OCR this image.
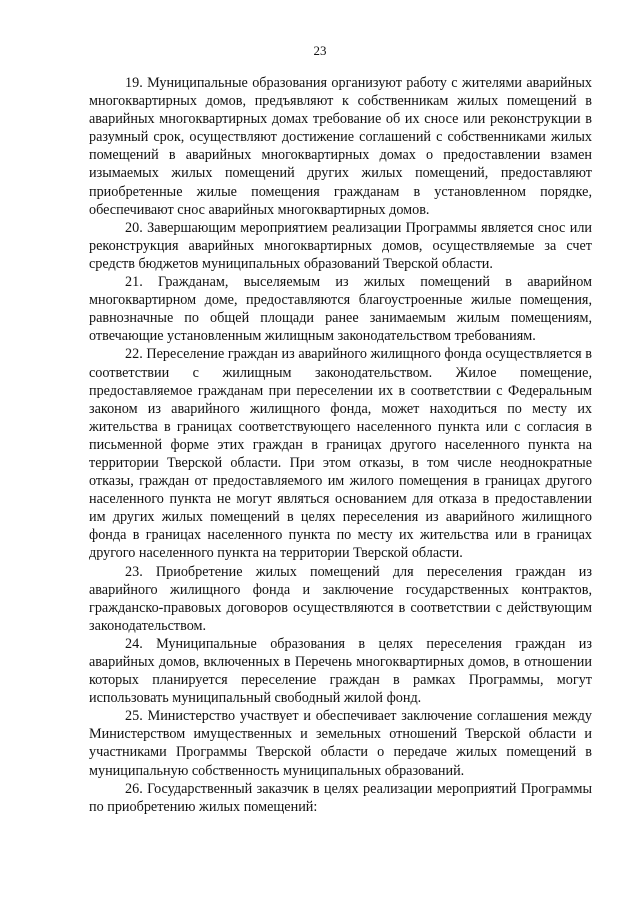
23

19. Муниципальные образования организуют работу с жителями аварийных многоквартирных домов, предъявляют к собственникам жилых помещений в аварийных многоквартирных домах требование об их сносе или реконструкции в разумный срок, осуществляют достижение соглашений с собственниками жилых помещений в аварийных многоквартирных домах о предоставлении взамен изымаемых жилых помещений других жилых помещений, предоставляют приобретенные жилые помещения гражданам в установленном порядке, обеспечивают снос аварийных многоквартирных домов.

20. Завершающим мероприятием реализации Программы является снос или реконструкция аварийных многоквартирных домов, осуществляемые за счет средств бюджетов муниципальных образований Тверской области.

21. Гражданам, выселяемым из жилых помещений в аварийном многоквартирном доме, предоставляются благоустроенные жилые помещения, равнозначные по общей площади ранее занимаемым жилым помещениям, отвечающие установленным жилищным законодательством требованиям.

22. Переселение граждан из аварийного жилищного фонда осуществляется в соответствии с жилищным законодательством. Жилое помещение, предоставляемое гражданам при переселении их в соответствии с Федеральным законом из аварийного жилищного фонда, может находиться по месту их жительства в границах соответствующего населенного пункта или с согласия в письменной форме этих граждан в границах другого населенного пункта на территории Тверской области. При этом отказы, в том числе неоднократные отказы, граждан от предоставляемого им жилого помещения в границах другого населенного пункта не могут являться основанием для отказа в предоставлении им других жилых помещений в целях переселения из аварийного жилищного фонда в границах населенного пункта по месту их жительства или в границах другого населенного пункта на территории Тверской области.

23. Приобретение жилых помещений для переселения граждан из аварийного жилищного фонда и заключение государственных контрактов, гражданско-правовых договоров осуществляются в соответствии с действующим законодательством.

24. Муниципальные образования в целях переселения граждан из аварийных домов, включенных в Перечень многоквартирных домов, в отношении которых планируется переселение граждан в рамках Программы, могут использовать муниципальный свободный жилой фонд.

25. Министерство участвует и обеспечивает заключение соглашения между Министерством имущественных и земельных отношений Тверской области и участниками Программы Тверской области о передаче жилых помещений в муниципальную собственность муниципальных образований.

26. Государственный заказчик в целях реализации мероприятий Программы по приобретению жилых помещений:
